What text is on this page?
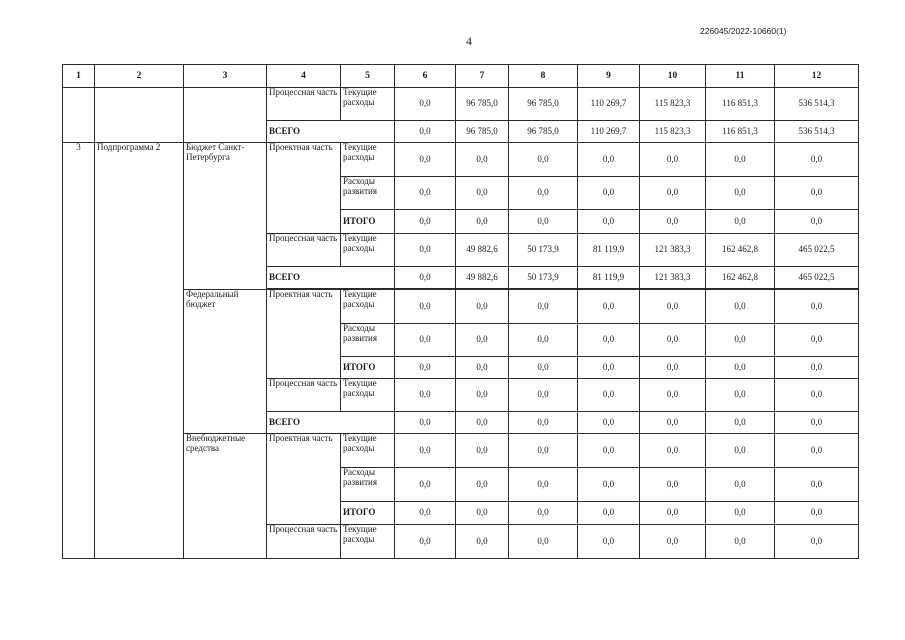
226045/2022-10660(1)
4
1	2	3	4	5	6	7	8	9	10	11	12
			Процессная часть	Текущие расходы	0,0	96 785,0	96 785,0	110 269,7	115 823,3	116 851,3	536 514,3
			ВСЕГО		0,0	96 785,0	96 785,0	110 269,7	115 823,3	116 851,3	536 514,3
3	Подпрограмма 2	Бюджет Санкт-Петербурга	Проектная часть	Текущие расходы	0,0	0,0	0,0	0,0	0,0	0,0	0,0
				Расходы развития	0,0	0,0	0,0	0,0	0,0	0,0	0,0
				ИТОГО	0,0	0,0	0,0	0,0	0,0	0,0	0,0
			Процессная часть	Текущие расходы	0,0	49 882,6	50 173,9	81 119,9	121 383,3	162 462,8	465 022,5
			ВСЕГО		0,0	49 882,6	50 173,9	81 119,9	121 383,3	162 462,8	465 022,5

		Федеральный бюджет	Проектная часть	Текущие расходы	0,0	0,0	0,0	0,0	0,0	0,0	0,0
				Расходы развития	0,0	0,0	0,0	0,0	0,0	0,0	0,0
				ИТОГО	0,0	0,0	0,0	0,0	0,0	0,0	0,0
			Процессная часть	Текущие расходы	0,0	0,0	0,0	0,0	0,0	0,0	0,0
			ВСЕГО		0,0	0,0	0,0	0,0	0,0	0,0	0,0
		Внебюджетные средства	Проектная часть	Текущие расходы	0,0	0,0	0,0	0,0	0,0	0,0	0,0
				Расходы развития	0,0	0,0	0,0	0,0	0,0	0,0	0,0
				ИТОГО	0,0	0,0	0,0	0,0	0,0	0,0	0,0
			Процессная часть	Текущие расходы	0,0	0,0	0,0	0,0	0,0	0,0	0,0
